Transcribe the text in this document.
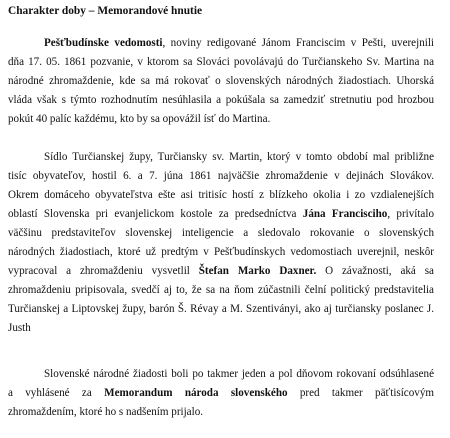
Charakter doby – Memorandové hnutie
Pešťbudínske vedomosti, noviny redigované Jánom Franciscim v Pešti, uverejnili
dňa 17. 05. 1861 pozvanie, v ktorom sa Slováci povolávajú do Turčianskeho Sv. Martina na
národné zhromaždenie, kde sa má rokovať o slovenských národných žiadostiach. Uhorská
vláda však s týmto rozhodnutím nesúhlasila a pokúšala sa zamedziť stretnutiu pod hrozbou
pokút 40 palíc každému, kto by sa opovážil ísť do Martina.
Sídlo Turčianskej župy, Turčiansky sv. Martin, ktorý v tomto období mal približne
tisíc obyvateľov, hostil 6. a 7. júna 1861 najväčšie zhromaždenie v dejinách Slovákov.
Okrem domáceho obyvateľstva ešte asi tritisíc hostí z blízkeho okolia i zo vzdialenejších
oblastí Slovenska pri evanjelickom kostole za predsedníctva Jána Francisciho, privítalo
väčšinu predstaviteľov slovenskej inteligencie a sledovalo rokovanie o slovenských
národných žiadostiach, ktoré už predtým v Pešťbudínskych vedomostiach uverejnil, neskôr
vypracoval a zhromaždeniu vysvetlil Štefan Marko Daxner. O závažnosti, aká sa
zhromaždeniu pripisovala, svedčí aj to, že sa na ňom zúčastnili čelní politický predstavitelia
Turčianskej a Liptovskej župy, barón Š. Révay a M. Szentiványi, ako aj turčiansky poslanec J.
Justh
Slovenské národné žiadosti boli po takmer jeden a pol dňovom rokovaní odsúhlasené
a vyhlásené za Memorandum národa slovenského pred takmer päťtisícovým
zhromaždením, ktoré ho s nadšením prijalo.
